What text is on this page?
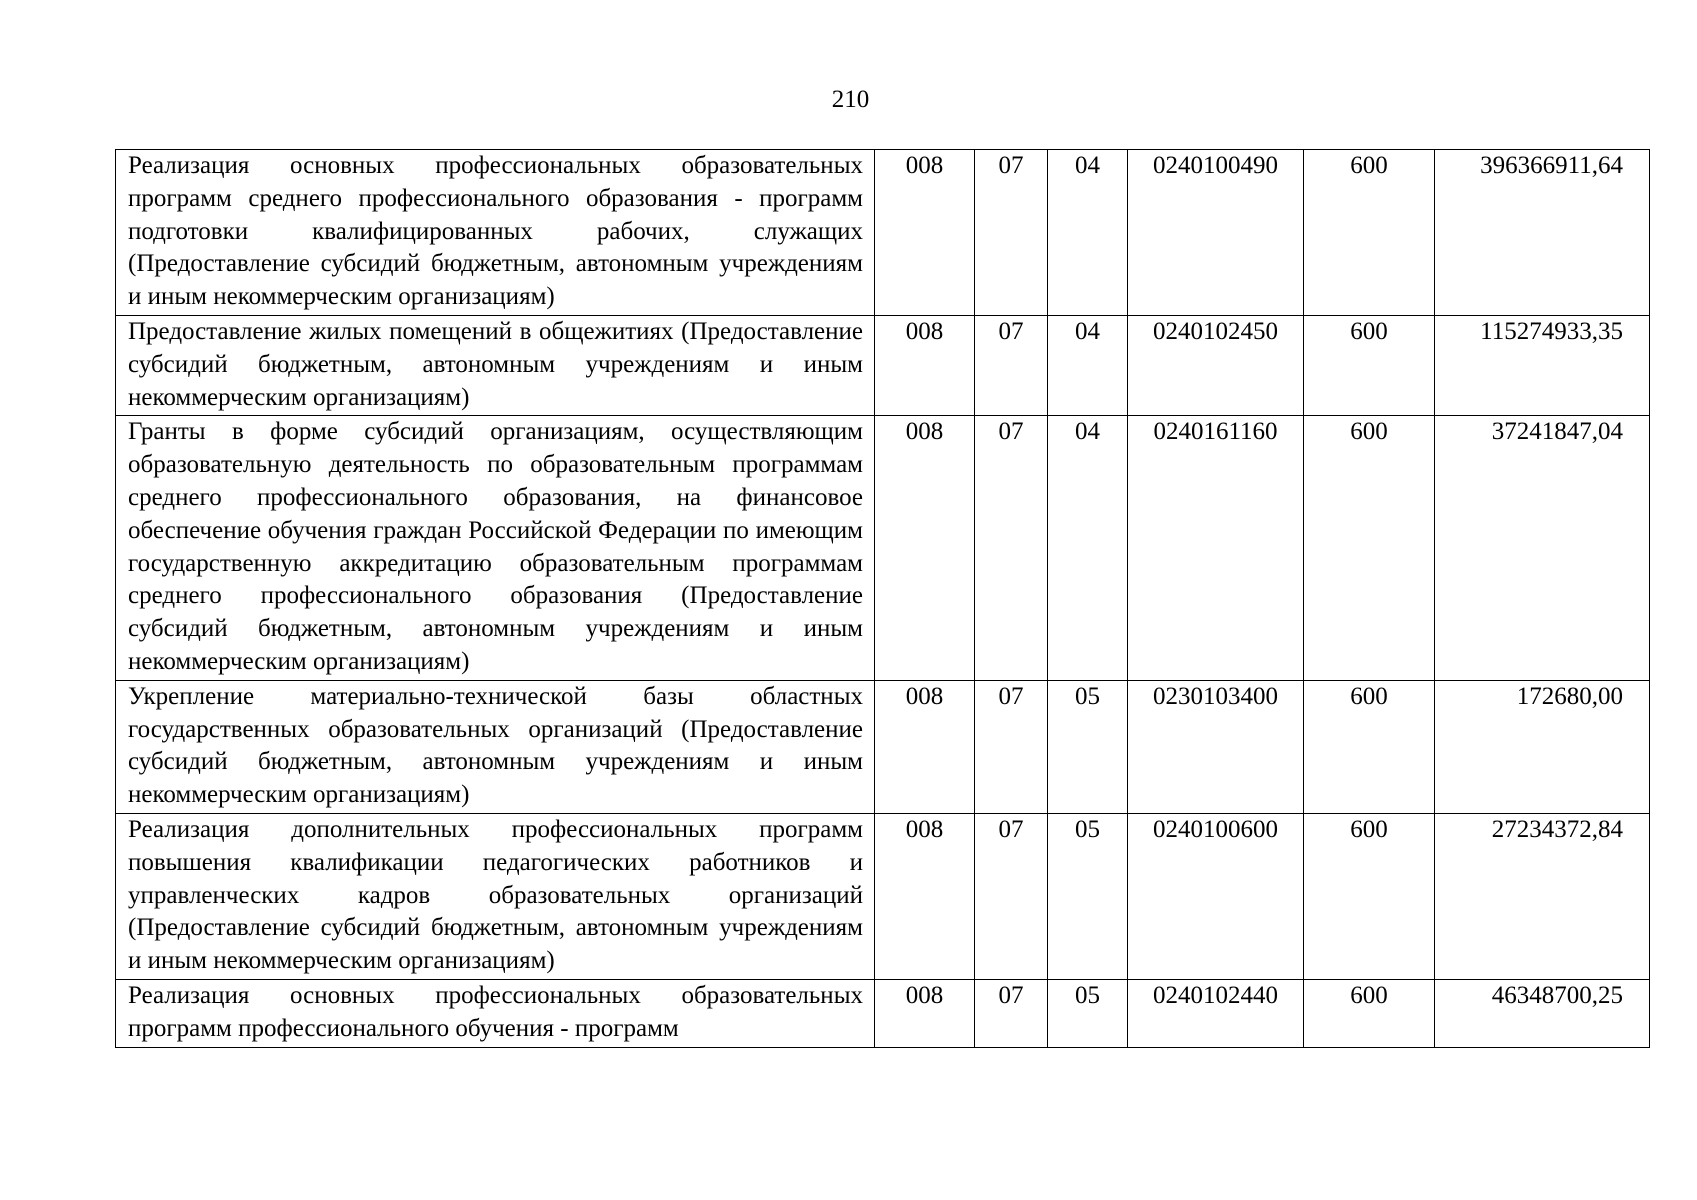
210
Реализация основных профессиональных образовательных программ среднего профессионального образования - программ подготовки квалифицированных рабочих, служащих (Предоставление субсидий бюджетным, автономным учреждениям и иным некоммерческим организациям)	008	07	04	0240100490	600	396366911,64
Предоставление жилых помещений в общежитиях (Предоставление субсидий бюджетным, автономным учреждениям и иным некоммерческим организациям)	008	07	04	0240102450	600	115274933,35
Гранты в форме субсидий организациям, осуществляющим образовательную деятельность по образовательным программам среднего профессионального образования, на финансовое обеспечение обучения граждан Российской Федерации по имеющим государственную аккредитацию образовательным программам среднего профессионального образования (Предоставление субсидий бюджетным, автономным учреждениям и иным некоммерческим организациям)	008	07	04	0240161160	600	37241847,04
Укрепление материально-технической базы областных государственных образовательных организаций (Предоставление субсидий бюджетным, автономным учреждениям и иным некоммерческим организациям)	008	07	05	0230103400	600	172680,00
Реализация дополнительных профессиональных программ повышения квалификации педагогических работников и управленческих кадров образовательных организаций (Предоставление субсидий бюджетным, автономным учреждениям и иным некоммерческим организациям)	008	07	05	0240100600	600	27234372,84

Реализация основных профессиональных образовательных программ профессионального обучения - программ	008	07	05	0240102440	600	46348700,25
